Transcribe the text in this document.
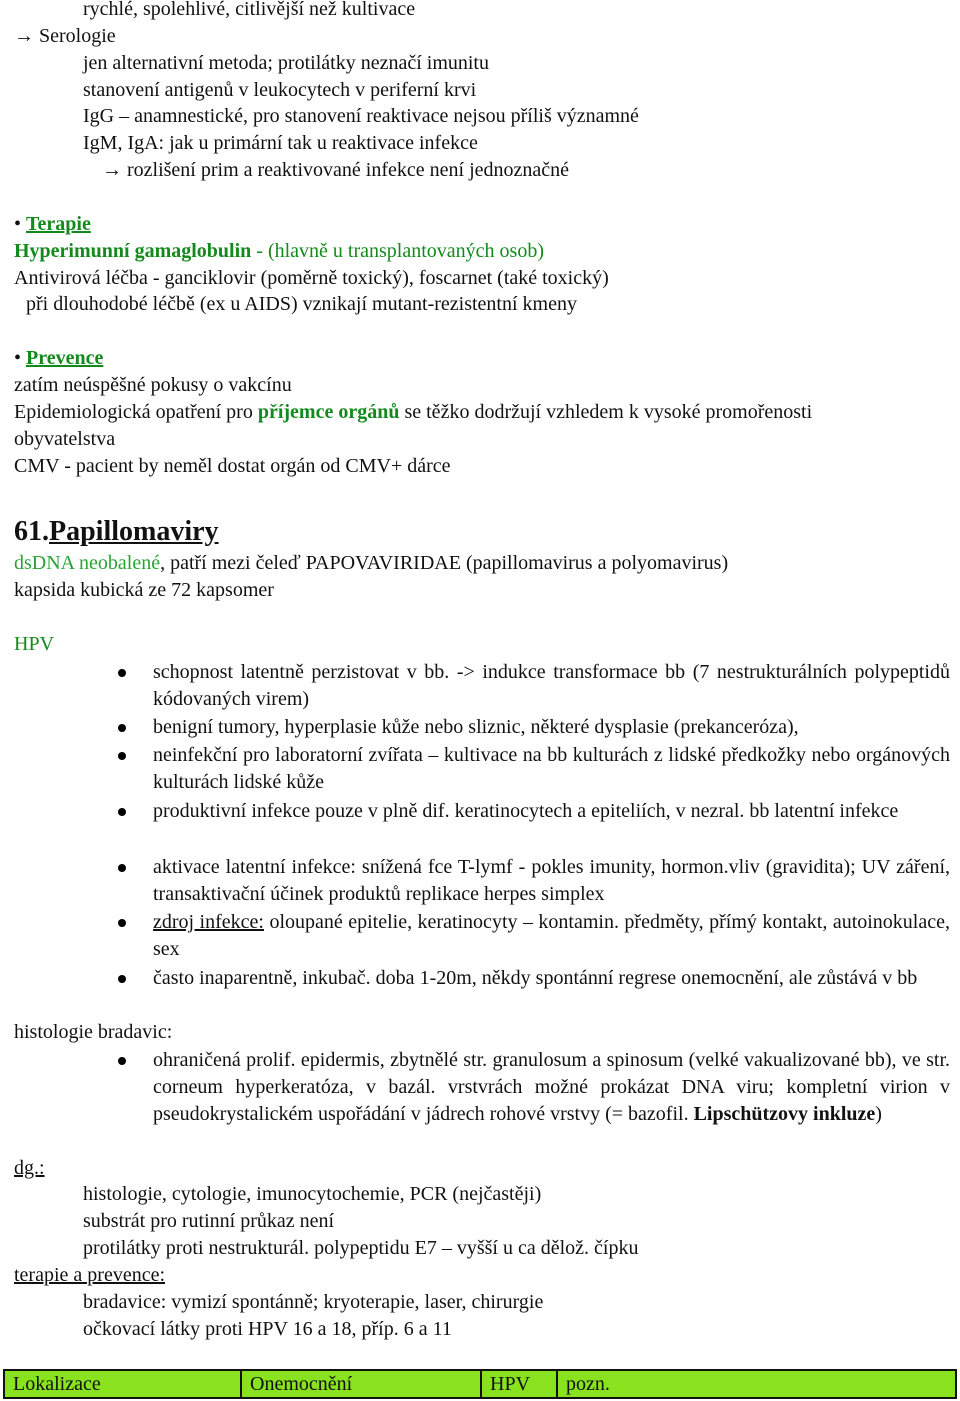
rychlé, spolehlivé, citlivější než kultivace
→ Serologie
jen alternativní metoda; protilátky neznačí imunitu
stanovení antigenů v leukocytech v periferní krvi
IgG – anamnestické, pro stanovení reaktivace nejsou příliš významné
IgM, IgA: jak u primární tak u reaktivace infekce
→ rozlišení prim a reaktivované infekce není jednoznačné
• Terapie
Hyperimunní gamaglobulin - (hlavně u transplantovaných osob)
Antivirová léčba - ganciklovir (poměrně toxický), foscarnet (také toxický)
při dlouhodobé léčbě (ex u AIDS) vznikají mutant-rezistentní kmeny
• Prevence
zatím neúspěšné pokusy o vakcínu
Epidemiologická opatření pro příjemce orgánů se těžko dodržují vzhledem k vysoké promořenosti
obyvatelstva
CMV - pacient by neměl dostat orgán od CMV+ dárce
61.Papillomaviry
dsDNA neobalené, patří mezi čeleď PAPOVAVIRIDAE (papillomavirus a polyomavirus)
kapsida kubická ze 72 kapsomer
HPV
schopnost latentně perzistovat v bb. -> indukce transformace bb (7 nestrukturálních polypeptidů kódovaných virem)
benigní tumory, hyperplasie kůže nebo sliznic, některé dysplasie (prekanceróza),
neinfekční pro laboratorní zvířata – kultivace na bb kulturách z lidské předkožky nebo orgánových kulturách lidské kůže
produktivní infekce pouze v plně dif. keratinocytech a epiteliích, v nezral. bb latentní infekce
aktivace latentní infekce: snížená fce T-lymf - pokles imunity, hormon.vliv (gravidita); UV záření, transaktivační účinek produktů replikace herpes simplex
zdroj infekce: oloupané epitelie, keratinocyty – kontamin. předměty, přímý kontakt, autoinokulace, sex
často inaparentně, inkubač. doba 1-20m, někdy spontánní regrese onemocnění, ale zůstává v bb
histologie bradavic:
ohraničená prolif. epidermis, zbytnělé str. granulosum a spinosum (velké vakualizované bb), ve str. corneum hyperkeratóza, v bazál. vrstvrách možné prokázat DNA viru; kompletní virion v pseudokrystalickém uspořádání v jádrech rohové vrstvy (= bazofil. Lipschützovy inkluze)
dg.:
histologie, cytologie, imunocytochemie, PCR (nejčastěji)
substrát pro rutinní průkaz není
protilátky proti nestrukturál. polypeptidu E7 – vyšší u ca dělož. čípku
terapie a prevence:
bradavice: vymizí spontánně; kryoterapie, laser, chirurgie
očkovací látky proti HPV 16 a 18, příp. 6 a 11
Lokalizace	Onemocnění	HPV	pozn.
